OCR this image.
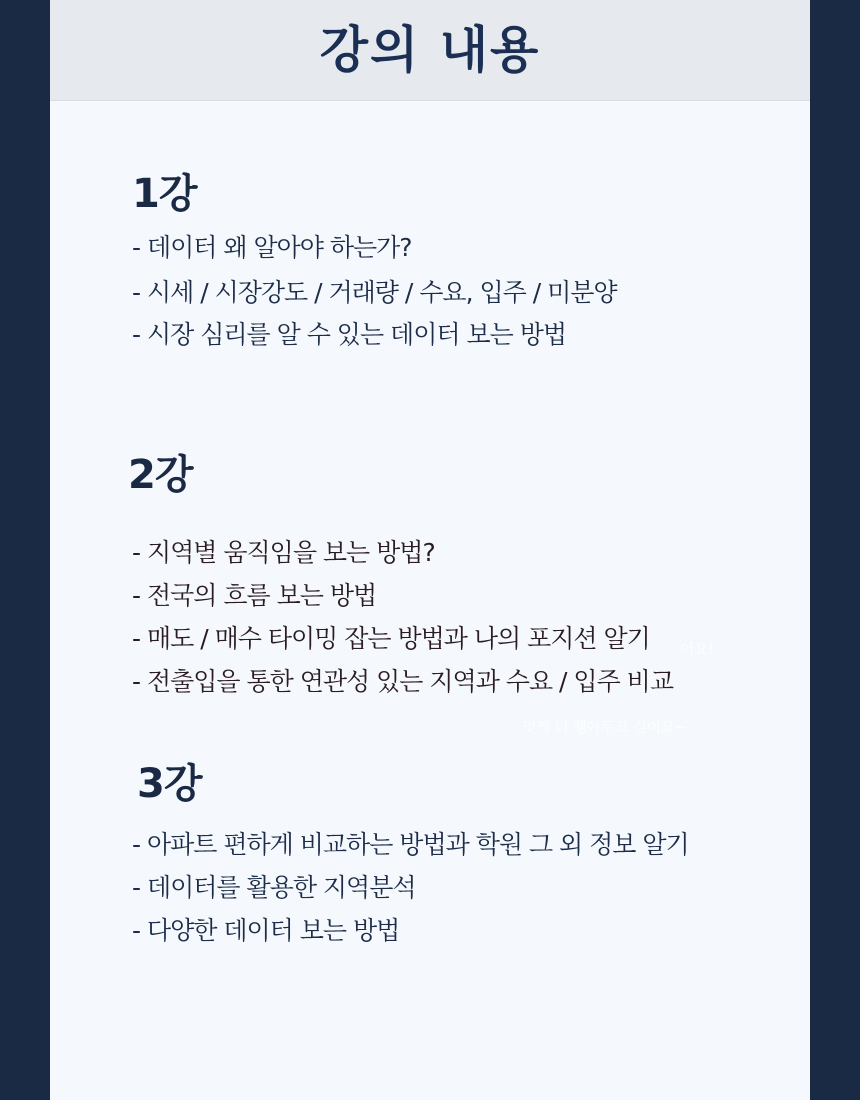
강의 내용
1강
- 데이터 왜 알아야 하는가?
- 시세 / 시장강도 / 거래량 / 수요, 입주 / 미분양
- 시장 심리를 알 수 있는 데이터 보는 방법
2강
- 지역별 움직임을 보는 방법?
- 전국의 흐름 보는 방법
- 매도 / 매수 타이밍 잡는 방법과 나의 포지션 알기
- 전출입을 통한 연관성 있는 지역과 수요 / 입주 비교
어요!
멋게 더 챙아두고 싶어요~
3강
- 아파트 편하게 비교하는 방법과 학원 그 외 정보 알기
- 데이터를 활용한 지역분석
- 다양한 데이터 보는 방법
